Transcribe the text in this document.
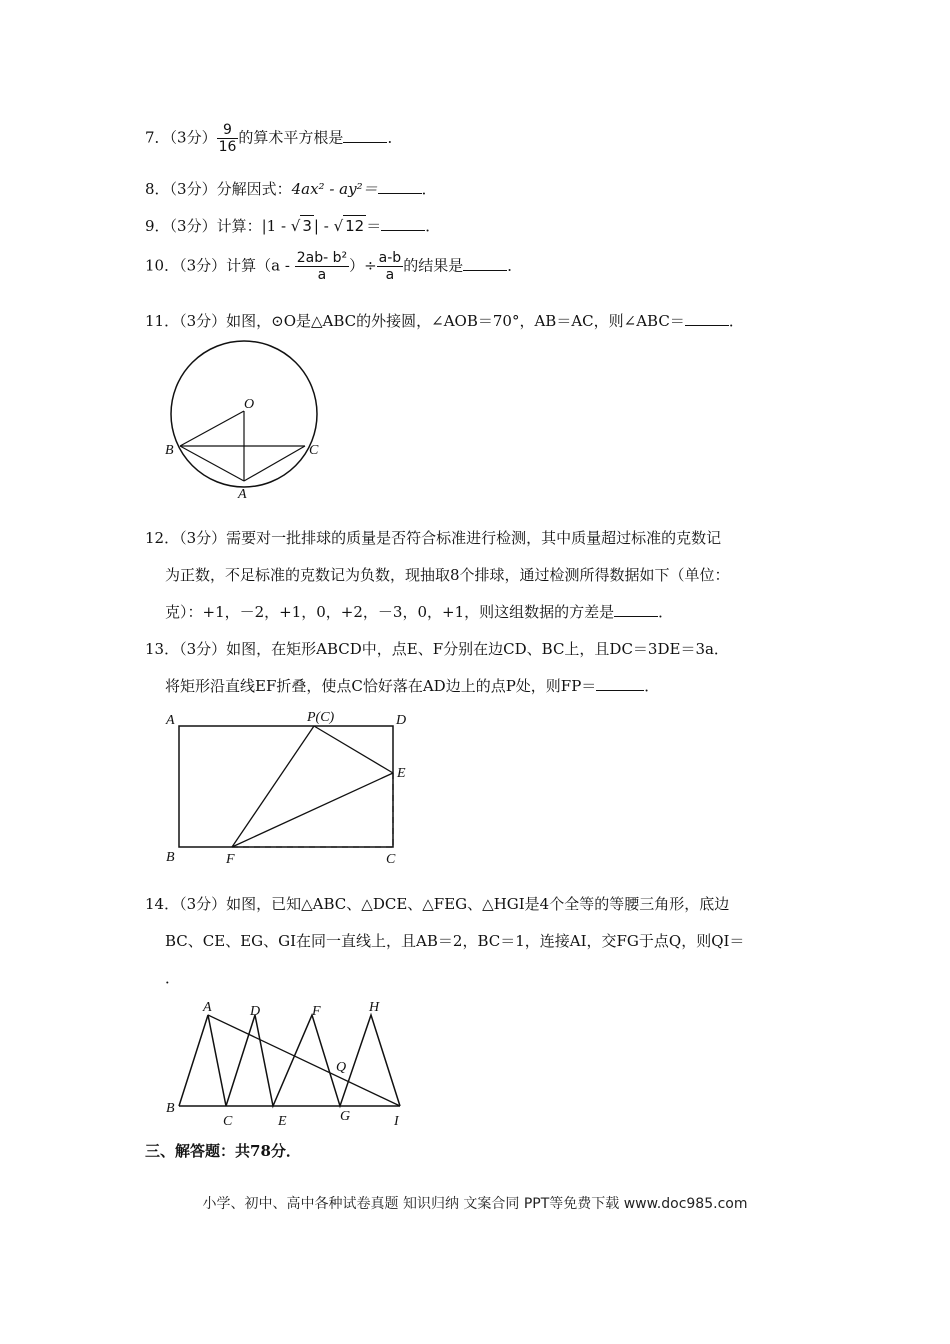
7．（3分） $\frac{9}{16}$ 的算术平方根是	．
8．（3分）分解因式：4ax² - ay²＝	．
9．（3分）计算：|1 - √ 3 | - √ 12 ＝	．
10．（3分）计算（$a - \frac{\text{2ab- b²}}{a}$ ）÷ $\frac{a-b}{a}$ 的结果是	．
11．（3分）如图，⊙O是△ABC的外接圆，∠AOB＝70°，AB＝AC，则∠ABC＝	．
O
B	C
A
12．（3分）需要对一批排球的质量是否符合标准进行检测，其中质量超过标准的克数记
为正数，不足标准的克数记为负数，现抽取8个排球，通过检测所得数据如下（单位：
克）：+1，－2，+1，0，+2，－3，0，+1，则这组数据的方差是	．
13．（3分）如图，在矩形ABCD中，点E、F分别在边CD、BC上，且DC＝3DE＝3a．
将矩形沿直线EF折叠，使点C恰好落在AD边上的点P处，则FP＝	．
A	P(C)	D
E
B	F	C
14．（3分）如图，已知△ABC、△DCE、△FEG、△HGI是4个全等的等腰三角形，底边
BC、CE、EG、GI在同一直线上，且AB＝2，BC＝1，连接AI，交FG于点Q，则QI＝
．
A	D	F	H
Q
B
C	E	G	I
三、解答题：共78分．
小学、初中、高中各种试卷真题 知识归纳 文案合同 PPT等免费下载 www.doc985.com
